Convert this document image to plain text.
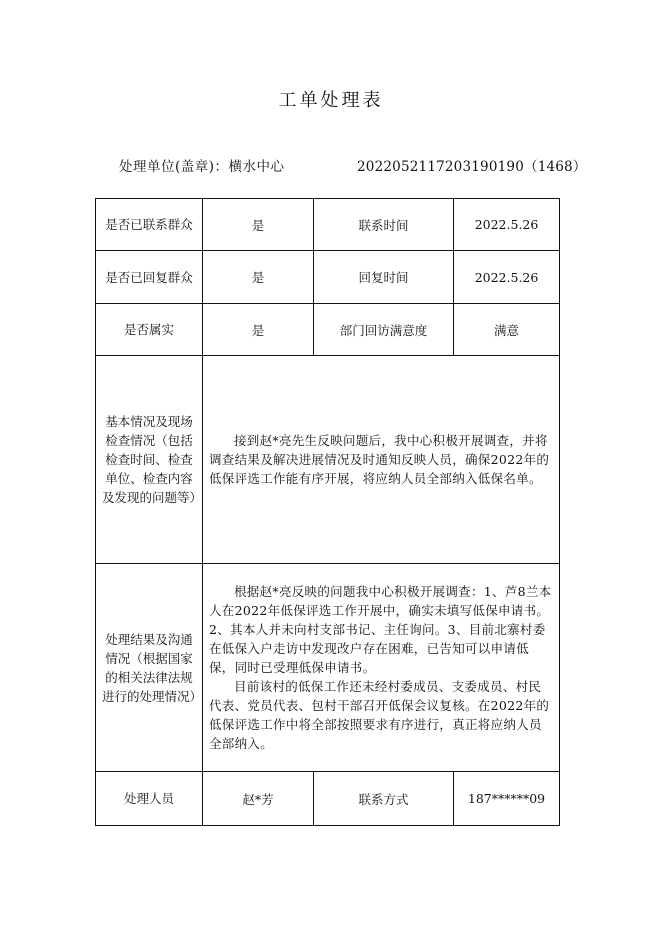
工单处理表
处理单位(盖章)：横水中心	2022052117203190190（1468）
是否已联系群众	是	联系时间	2022.5.26
是否已回复群众	是	回复时间	2022.5.26
是否属实	是	部门回访满意度	满意
基本情况及现场检查情况（包括检查时间、检查单位、检查内容及发现的问题等）	接到赵*亮先生反映问题后，我中心积极开展调查，并将调查结果及解决进展情况及时通知反映人员，确保2022年的低保评选工作能有序开展，将应纳人员全部纳入低保名单。		

处理结果及沟通情况（根据国家的相关法律法规进行的处理情况）	根据赵*亮反映的问题我中心积极开展调查：1、芦8兰本人在2022年低保评选工作开展中，确实未填写低保申请书。2、其本人并未向村支部书记、主任询问。3、目前北寨村委在低保入户走访中发现改户存在困难，已告知可以申请低保，同时已受理低保申请书。

目前该村的低保工作还未经村委成员、支委成员、村民代表、党员代表、包村干部召开低保会议复核。在2022年的低保评选工作中将全部按照要求有序进行，真正将应纳人员全部纳入。		

处理人员	赵*芳	联系方式	187******09
